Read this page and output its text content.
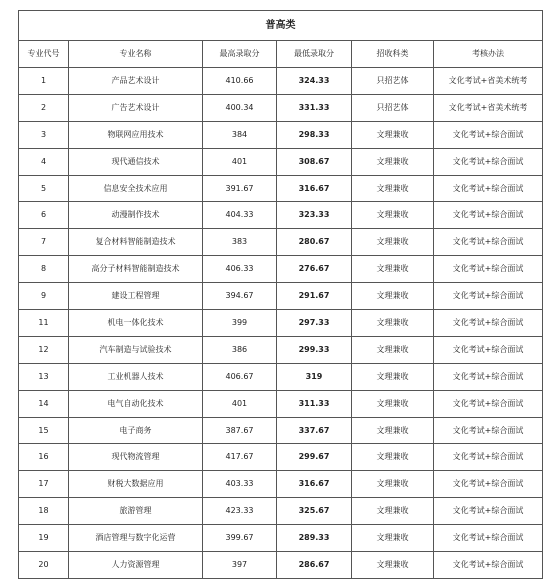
普高类					
专业代号	专业名称	最高录取分	最低录取分	招收科类	考核办法
1	产品艺术设计	410.66	324.33	只招艺体	文化考试+省美术统考
2	广告艺术设计	400.34	331.33	只招艺体	文化考试+省美术统考
3	物联网应用技术	384	298.33	文理兼收	文化考试+综合面试
4	现代通信技术	401	308.67	文理兼收	文化考试+综合面试
5	信息安全技术应用	391.67	316.67	文理兼收	文化考试+综合面试
6	动漫制作技术	404.33	323.33	文理兼收	文化考试+综合面试
7	复合材料智能制造技术	383	280.67	文理兼收	文化考试+综合面试
8	高分子材料智能制造技术	406.33	276.67	文理兼收	文化考试+综合面试
9	建设工程管理	394.67	291.67	文理兼收	文化考试+综合面试
11	机电一体化技术	399	297.33	文理兼收	文化考试+综合面试
12	汽车制造与试验技术	386	299.33	文理兼收	文化考试+综合面试
13	工业机器人技术	406.67	319	文理兼收	文化考试+综合面试
14	电气自动化技术	401	311.33	文理兼收	文化考试+综合面试
15	电子商务	387.67	337.67	文理兼收	文化考试+综合面试
16	现代物流管理	417.67	299.67	文理兼收	文化考试+综合面试
17	财税大数据应用	403.33	316.67	文理兼收	文化考试+综合面试
18	旅游管理	423.33	325.67	文理兼收	文化考试+综合面试
19	酒店管理与数字化运营	399.67	289.33	文理兼收	文化考试+综合面试
20	人力资源管理	397	286.67	文理兼收	文化考试+综合面试
